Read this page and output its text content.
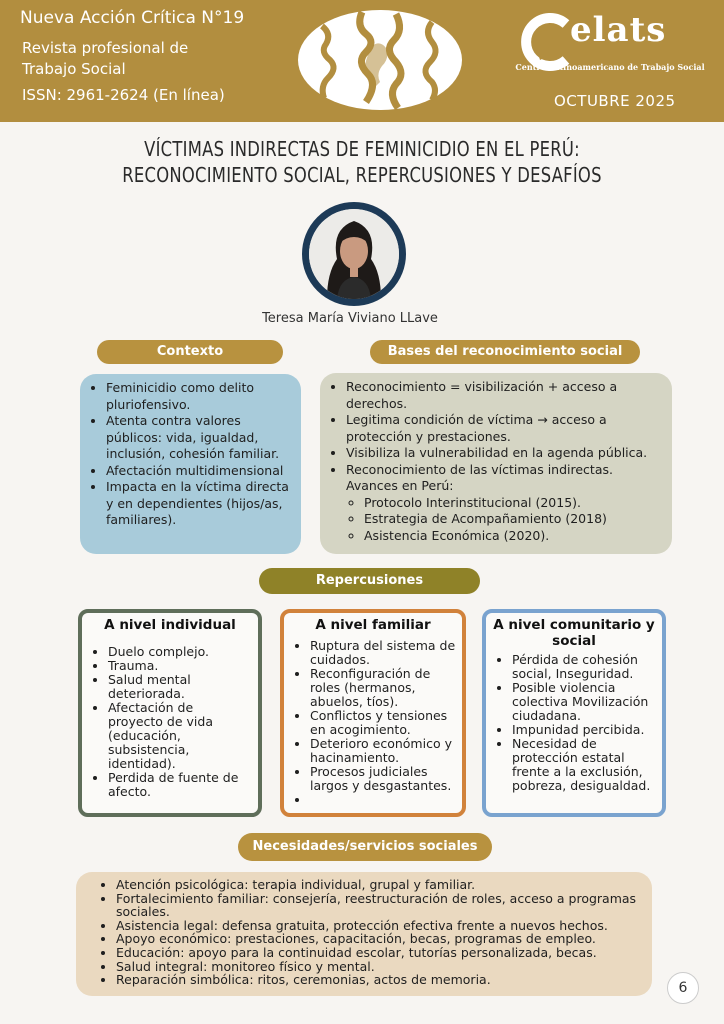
Nueva Acción Crítica N°19
Revista profesional de
Trabajo Social
ISSN: 2961-2624 (En línea)
elats
Centro Latinoamericano de Trabajo Social
OCTUBRE 2025
VÍCTIMAS INDIRECTAS DE FEMINICIDIO EN EL PERÚ:
RECONOCIMIENTO SOCIAL, REPERCUSIONES Y DESAFÍOS
Teresa María Viviano LLave
Contexto
• Feminicidio como delito pluriofensivo.
• Atenta contra valores públicos: vida, igualdad, inclusión, cohesión familiar.
• Afectación multidimensional
• Impacta en la víctima directa y en dependientes (hijos/as, familiares).
Bases del reconocimiento social
• Reconocimiento = visibilización + acceso a derechos.
• Legitima condición de víctima → acceso a protección y prestaciones.
• Visibiliza la vulnerabilidad en la agenda pública.
• Reconocimiento de las víctimas indirectas. Avances en Perú:
◦ Protocolo Interinstitucional (2015).
◦ Estrategia de Acompañamiento (2018)
◦ Asistencia Económica (2020).
Repercusiones
A nivel individual
• Duelo complejo.
• Trauma.
• Salud mental deteriorada.
• Afectación de proyecto de vida (educación, subsistencia, identidad).
• Perdida de fuente de afecto.
A nivel familiar
• Ruptura del sistema de cuidados.
• Reconfiguración de roles (hermanos, abuelos, tíos).
• Conflictos y tensiones en acogimiento.
• Deterioro económico y hacinamiento.
• Procesos judiciales largos y desgastantes.
•
A nivel comunitario y social
• Pérdida de cohesión social, Inseguridad.
• Posible violencia colectiva Movilización ciudadana.
• Impunidad percibida.
• Necesidad de protección estatal frente a la exclusión, pobreza, desigualdad.
Necesidades/servicios sociales
• Atención psicológica: terapia individual, grupal y familiar.
• Fortalecimiento familiar: consejería, reestructuración de roles, acceso a programas sociales.
• Asistencia legal: defensa gratuita, protección efectiva frente a nuevos hechos.
• Apoyo económico: prestaciones, capacitación, becas, programas de empleo.
• Educación: apoyo para la continuidad escolar, tutorías personalizada, becas.
• Salud integral: monitoreo físico y mental.
• Reparación simbólica: ritos, ceremonias, actos de memoria.
6
